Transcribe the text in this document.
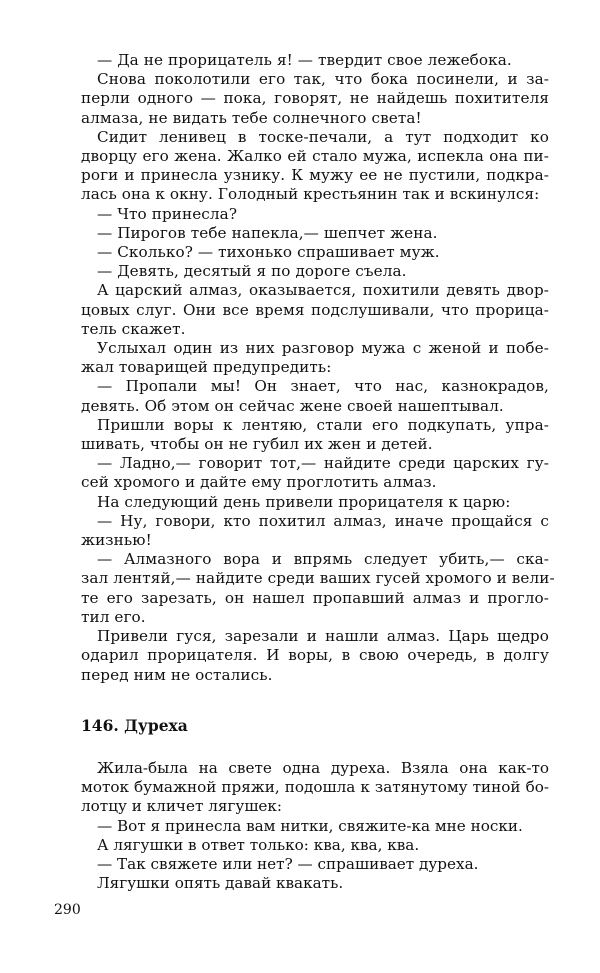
— Да не прорицатель я! — твердит свое лежебока.
Снова поколотили его так, что бока посинели, и за-
перли одного — пока, говорят, не найдешь похитителя
алмаза, не видать тебе солнечного света!
Сидит ленивец в тоске-печали, а тут подходит ко
дворцу его жена. Жалко ей стало мужа, испекла она пи-
роги и принесла узнику. К мужу ее не пустили, подкра-
лась она к окну. Голодный крестьянин так и вскинулся:
— Что принесла?
— Пирогов тебе напекла,— шепчет жена.
— Сколько? — тихонько спрашивает муж.
— Девять, десятый я по дороге съела.
А царский алмаз, оказывается, похитили девять двор-
цовых слуг. Они все время подслушивали, что прорица-
тель скажет.
Услыхал один из них разговор мужа с женой и побе-
жал товарищей предупредить:
— Пропали мы! Он знает, что нас, казнокрадов,
девять. Об этом он сейчас жене своей нашептывал.
Пришли воры к лентяю, стали его подкупать, упра-
шивать, чтобы он не губил их жен и детей.
— Ладно,— говорит тот,— найдите среди царских гу-
сей хромого и дайте ему проглотить алмаз.
На следующий день привели прорицателя к царю:
— Ну, говори, кто похитил алмаз, иначе прощайся с
жизнью!
— Алмазного вора и впрямь следует убить,— ска-
зал лентяй,— найдите среди ваших гусей хромого и вели-
те его зарезать, он нашел пропавший алмаз и прогло-
тил его.
Привели гуся, зарезали и нашли алмаз. Царь щедро
одарил прорицателя. И воры, в свою очередь, в долгу
перед ним не остались.
146. Дуреха
Жила-была на свете одна дуреха. Взяла она как-то
моток бумажной пряжи, подошла к затянутому тиной бо-
лотцу и кличет лягушек:
— Вот я принесла вам нитки, свяжите-ка мне носки.
А лягушки в ответ только: ква, ква, ква.
— Так свяжете или нет? — спрашивает дуреха.
Лягушки опять давай квакать.
290
